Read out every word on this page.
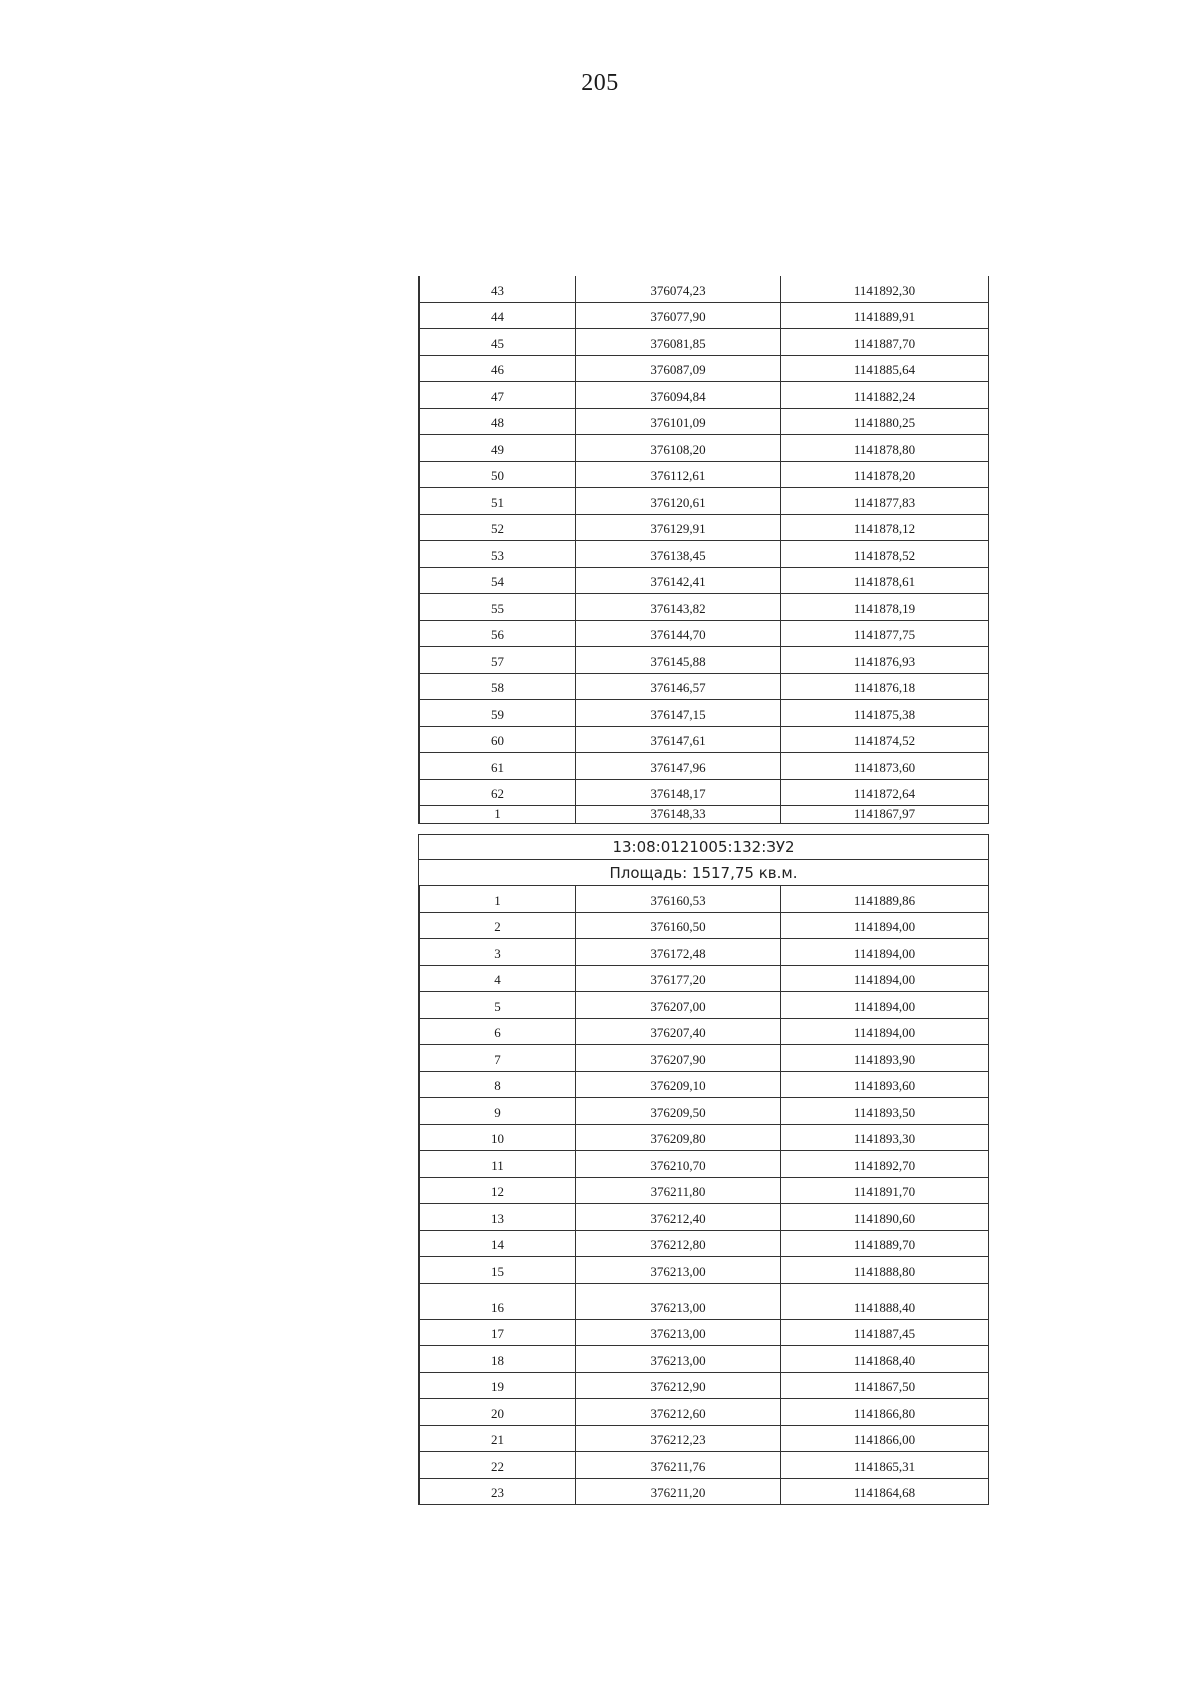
205
43	376074,23	1141892,30
44	376077,90	1141889,91
45	376081,85	1141887,70
46	376087,09	1141885,64
47	376094,84	1141882,24
48	376101,09	1141880,25
49	376108,20	1141878,80
50	376112,61	1141878,20
51	376120,61	1141877,83
52	376129,91	1141878,12
53	376138,45	1141878,52
54	376142,41	1141878,61
55	376143,82	1141878,19
56	376144,70	1141877,75
57	376145,88	1141876,93
58	376146,57	1141876,18
59	376147,15	1141875,38
60	376147,61	1141874,52
61	376147,96	1141873,60
62	376148,17	1141872,64
1	376148,33	1141867,97
13:08:0121005:132:ЗУ2
Площадь: 1517,75 кв.м.
1	376160,53	1141889,86
2	376160,50	1141894,00
3	376172,48	1141894,00
4	376177,20	1141894,00
5	376207,00	1141894,00
6	376207,40	1141894,00
7	376207,90	1141893,90
8	376209,10	1141893,60
9	376209,50	1141893,50
10	376209,80	1141893,30
11	376210,70	1141892,70
12	376211,80	1141891,70
13	376212,40	1141890,60
14	376212,80	1141889,70
15	376213,00	1141888,80
16	376213,00	1141888,40
17	376213,00	1141887,45
18	376213,00	1141868,40
19	376212,90	1141867,50
20	376212,60	1141866,80
21	376212,23	1141866,00
22	376211,76	1141865,31
23	376211,20	1141864,68
